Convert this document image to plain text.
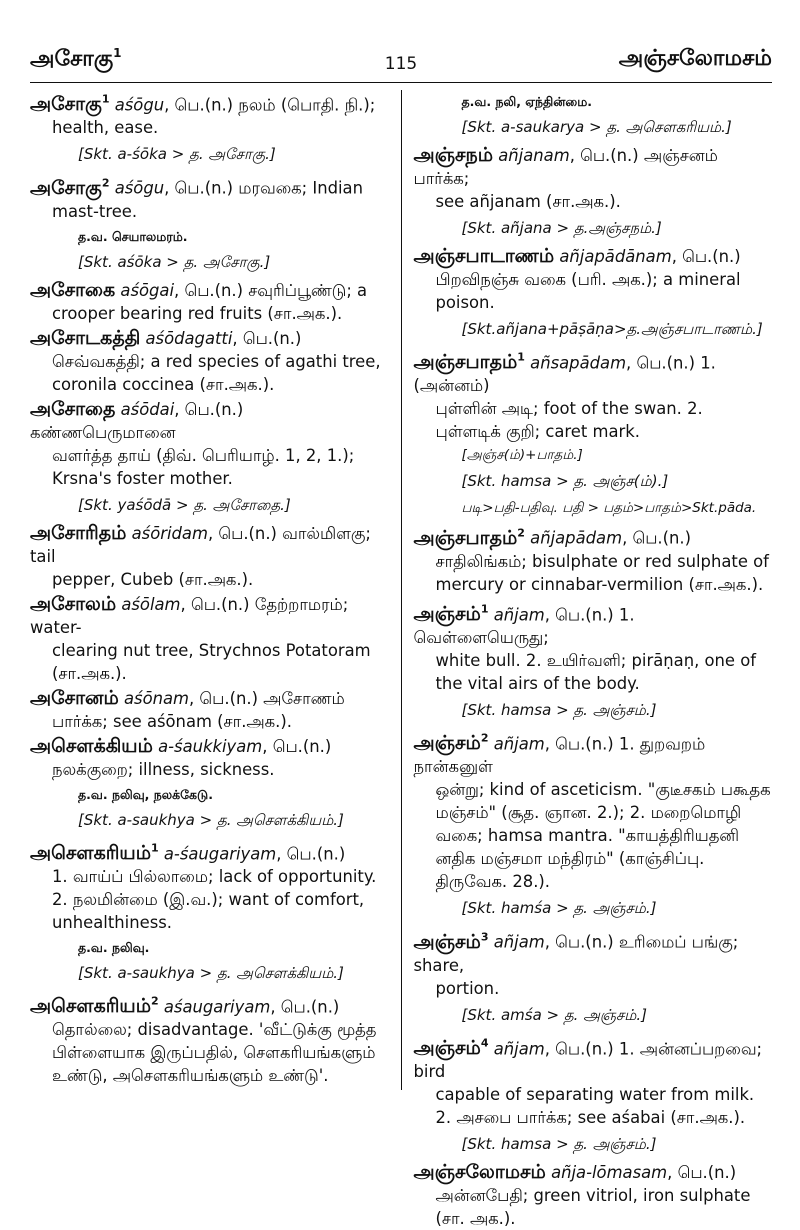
அசோகு$^1$
115	அஞ்சலோமசம்
அசோகு$^1$ aśōgu, பெ.(n.) நலம் (பொதி. நி.);
health, ease.
[Skt. a-śōka > த. அசோகு.]
அசோகு$^2$ aśōgu, பெ.(n.) மரவகை; Indian
mast-tree.
த.வ. செயாலமரம்.
[Skt. aśōka > த. அசோகு.]
அசோகை aśōgai, பெ.(n.) சவுரிப்பூண்டு; a
crooper bearing red fruits (சா.அக.).
அசோடகத்தி aśōdagatti, பெ.(n.)
செவ்வகத்தி; a red species of agathi tree, coronila coccinea (சா.அக.).
அசோதை aśōdai, பெ.(n.) கண்ணபெருமானை
வளர்த்த தாய் (திவ். பெரியாழ். 1, 2, 1.); Krsna's foster mother.
[Skt. yaśōdā > த. அசோதை.]
அசோரிதம் aśōridam, பெ.(n.) வால்மிளகு; tail
pepper, Cubeb (சா.அக.).
அசோலம் aśōlam, பெ.(n.) தேற்றாமரம்; water-
clearing nut tree, Strychnos Potatoram (சா.அக.).
அசோனம் aśōnam, பெ.(n.) அசோணம்
பார்க்க; see aśōnam (சா.அக.).
அசௌக்கியம் a-śaukkiyam, பெ.(n.)
நலக்குறை; illness, sickness.
த.வ. நலிவு, நலக்கேடு.
[Skt. a-saukhya > த. அசௌக்கியம்.]
அசௌகரியம்$^1$ a-śaugariyam, பெ.(n.)
1. வாய்ப் பில்லாமை; lack of opportunity. 2. நலமின்மை (இ.வ.); want of comfort, unhealthiness.
த.வ. நலிவு.
[Skt. a-saukhya > த. அசௌக்கியம்.]
அசௌகரியம்$^2$ aśaugariyam, பெ.(n.)
தொல்லை; disadvantage. 'வீட்டுக்கு மூத்த பிள்ளையாக இருப்பதில், சௌகரியங்களும் உண்டு, அசௌகரியங்களும் உண்டு'.
த.வ. நலி, ஏந்தின்மை.
[Skt. a-saukarya > த. அசௌகரியம்.]
அஞ்சநம் añjanam, பெ.(n.) அஞ்சனம் பார்க்க;
see añjanam (சா.அக.).
[Skt. añjana > த.அஞ்சநம்.]
அஞ்சபாடாணம் añjapādānam, பெ.(n.)
பிறவிநஞ்சு வகை (பரி. அக.); a mineral poison.
[Skt.añjana+pāṣāṇa>த.அஞ்சபாடாணம்.]
அஞ்சபாதம்$^1$ añsapādam, பெ.(n.) 1. (அன்னம்)
புள்ளின் அடி; foot of the swan. 2. புள்ளடிக் குறி; caret mark.
[அஞ்ச(ம்)+பாதம்.]
[Skt. hamsa > த. அஞ்ச(ம்).]
படி>பதி-பதிவு. பதி > பதம்>பாதம்>Skt.pāda.
அஞ்சபாதம்$^2$ añjapādam, பெ.(n.)
சாதிலிங்கம்; bisulphate or red sulphate of mercury or cinnabar-vermilion (சா.அக.).
அஞ்சம்$^1$ añjam, பெ.(n.) 1. வெள்ளையெருது;
white bull. 2. உயிர்வளி; pirāṇaṇ, one of the vital airs of the body.
[Skt. hamsa > த. அஞ்சம்.]
அஞ்சம்$^2$ añjam, பெ.(n.) 1. துறவறம் நான்கனுள்
ஒன்று; kind of asceticism. "குடீசகம் பகூதக மஞ்சம்" (சூத. ஞான. 2.); 2. மறைமொழி வகை; hamsa mantra. "காயத்திரியதனி னதிக மஞ்சமா மந்திரம்" (காஞ்சிப்பு. திருவேக. 28.).
[Skt. hamśa > த. அஞ்சம்.]
அஞ்சம்$^3$ añjam, பெ.(n.) உரிமைப் பங்கு; share,
portion.
[Skt. amśa > த. அஞ்சம்.]
அஞ்சம்$^4$ añjam, பெ.(n.) 1. அன்னப்பறவை; bird
capable of separating water from milk. 2. அசபை பார்க்க; see aśabai (சா.அக.).
[Skt. hamsa > த. அஞ்சம்.]
அஞ்சலோமசம் añja-lōmasam, பெ.(n.)
அன்னபேதி; green vitriol, iron sulphate (சா. அக.).
